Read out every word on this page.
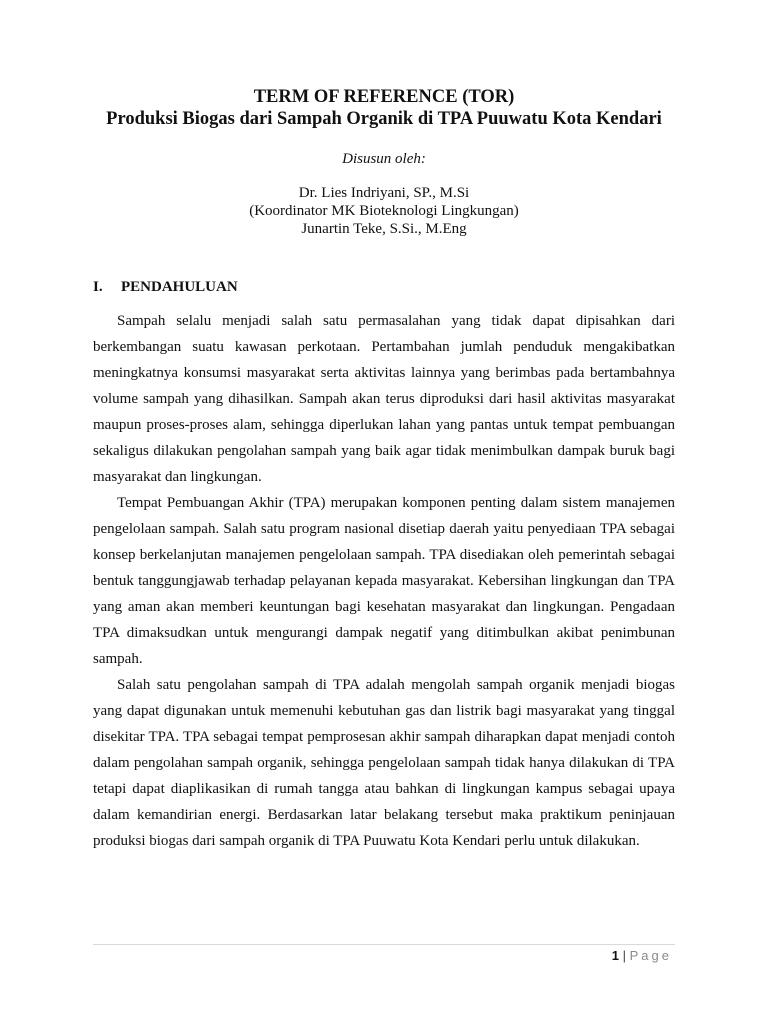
TERM OF REFERENCE (TOR)
Produksi Biogas dari Sampah Organik di TPA Puuwatu Kota Kendari
Disusun oleh:
Dr. Lies Indriyani, SP., M.Si
(Koordinator MK Bioteknologi Lingkungan)
Junartin Teke, S.Si., M.Eng
I. PENDAHULUAN

Sampah selalu menjadi salah satu permasalahan yang tidak dapat dipisahkan dari berkembangan suatu kawasan perkotaan. Pertambahan jumlah penduduk mengakibatkan meningkatnya konsumsi masyarakat serta aktivitas lainnya yang berimbas pada bertambahnya volume sampah yang dihasilkan. Sampah akan terus diproduksi dari hasil aktivitas masyarakat maupun proses-proses alam, sehingga diperlukan lahan yang pantas untuk tempat pembuangan sekaligus dilakukan pengolahan sampah yang baik agar tidak menimbulkan dampak buruk bagi masyarakat dan lingkungan.

Tempat Pembuangan Akhir (TPA) merupakan komponen penting dalam sistem manajemen pengelolaan sampah. Salah satu program nasional disetiap daerah yaitu penyediaan TPA sebagai konsep berkelanjutan manajemen pengelolaan sampah. TPA disediakan oleh pemerintah sebagai bentuk tanggungjawab terhadap pelayanan kepada masyarakat. Kebersihan lingkungan dan TPA yang aman akan memberi keuntungan bagi kesehatan masyarakat dan lingkungan. Pengadaan TPA dimaksudkan untuk mengurangi dampak negatif yang ditimbulkan akibat penimbunan sampah.

Salah satu pengolahan sampah di TPA adalah mengolah sampah organik menjadi biogas yang dapat digunakan untuk memenuhi kebutuhan gas dan listrik bagi masyarakat yang tinggal disekitar TPA. TPA sebagai tempat pemprosesan akhir sampah diharapkan dapat menjadi contoh dalam pengolahan sampah organik, sehingga pengelolaan sampah tidak hanya dilakukan di TPA tetapi dapat diaplikasikan di rumah tangga atau bahkan di lingkungan kampus sebagai upaya dalam kemandirian energi. Berdasarkan latar belakang tersebut maka praktikum peninjauan produksi biogas dari sampah organik di TPA Puuwatu Kota Kendari perlu untuk dilakukan.

1 | Page
